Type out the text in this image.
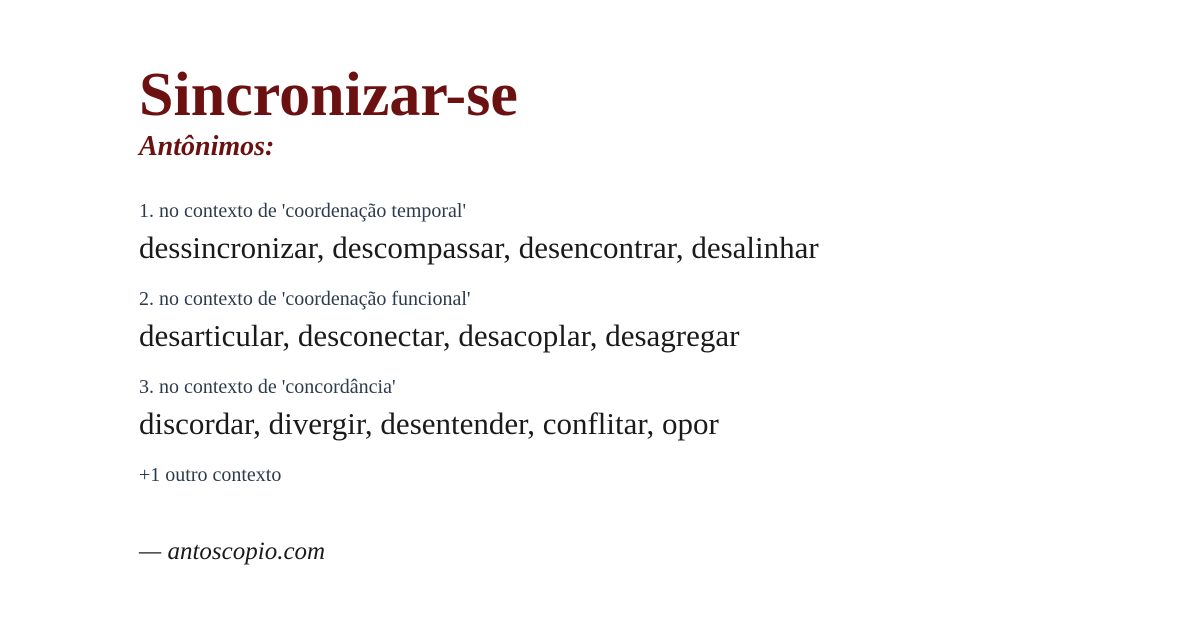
Sincronizar-se
Antônimos:
1. no contexto de 'coordenação temporal'
dessincronizar, descompassar, desencontrar, desalinhar
2. no contexto de 'coordenação funcional'
desarticular, desconectar, desacoplar, desagregar
3. no contexto de 'concordância'
discordar, divergir, desentender, conflitar, opor
+1 outro contexto
— antoscopio.com
